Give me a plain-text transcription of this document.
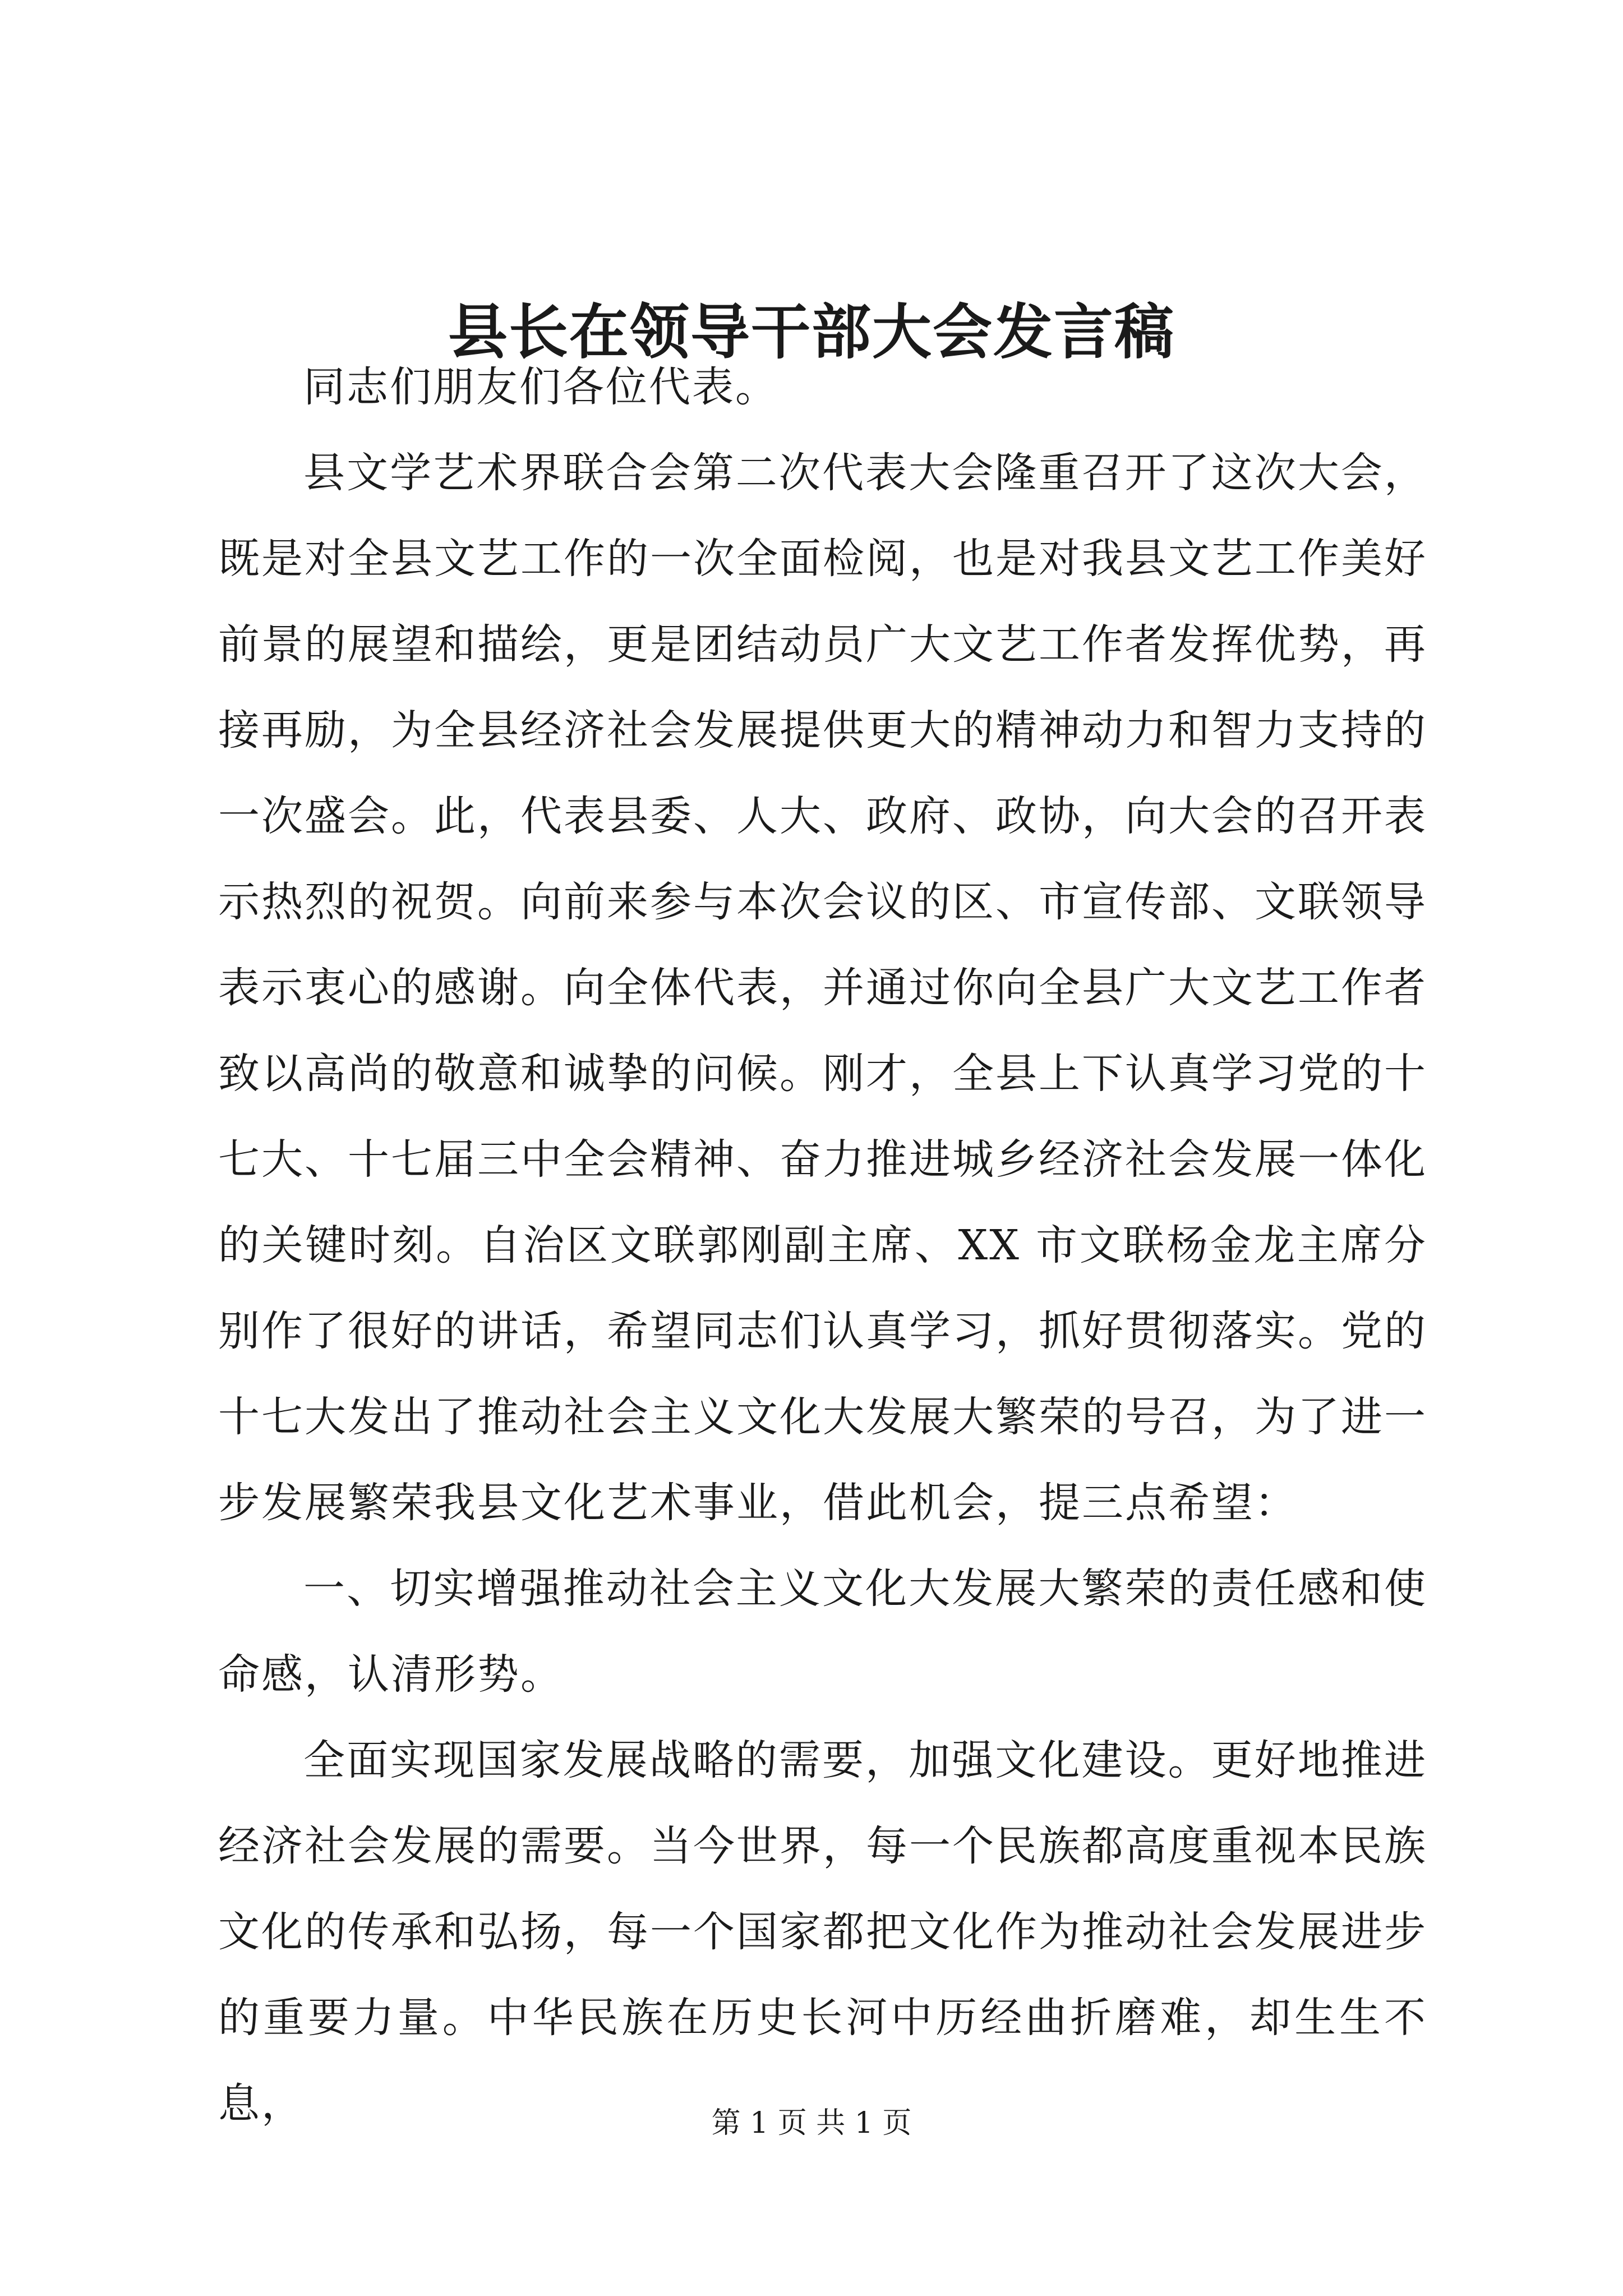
县长在领导干部大会发言稿

同志们朋友们各位代表。

县文学艺术界联合会第二次代表大会隆重召开了这次大会，既是对全县文艺工作的一次全面检阅，也是对我县文艺工作美好前景的展望和描绘，更是团结动员广大文艺工作者发挥优势，再接再励，为全县经济社会发展提供更大的精神动力和智力支持的一次盛会。此，代表县委、人大、政府、政协，向大会的召开表示热烈的祝贺。向前来参与本次会议的区、市宣传部、文联领导表示衷心的感谢。向全体代表，并通过你向全县广大文艺工作者致以高尚的敬意和诚挚的问候。刚才，全县上下认真学习党的十七大、十七届三中全会精神、奋力推进城乡经济社会发展一体化的关键时刻。自治区文联郭刚副主席、XX 市文联杨金龙主席分别作了很好的讲话，希望同志们认真学习，抓好贯彻落实。党的十七大发出了推动社会主义文化大发展大繁荣的号召，为了进一步发展繁荣我县文化艺术事业，借此机会，提三点希望：

一、切实增强推动社会主义文化大发展大繁荣的责任感和使命感，认清形势。

全面实现国家发展战略的需要，加强文化建设。更好地推进经济社会发展的需要。当今世界，每一个民族都高度重视本民族文化的传承和弘扬，每一个国家都把文化作为推动社会发展进步的重要力量。中华民族在历史长河中历经曲折磨难，却生生不息，	第 1 页 共 1 页
